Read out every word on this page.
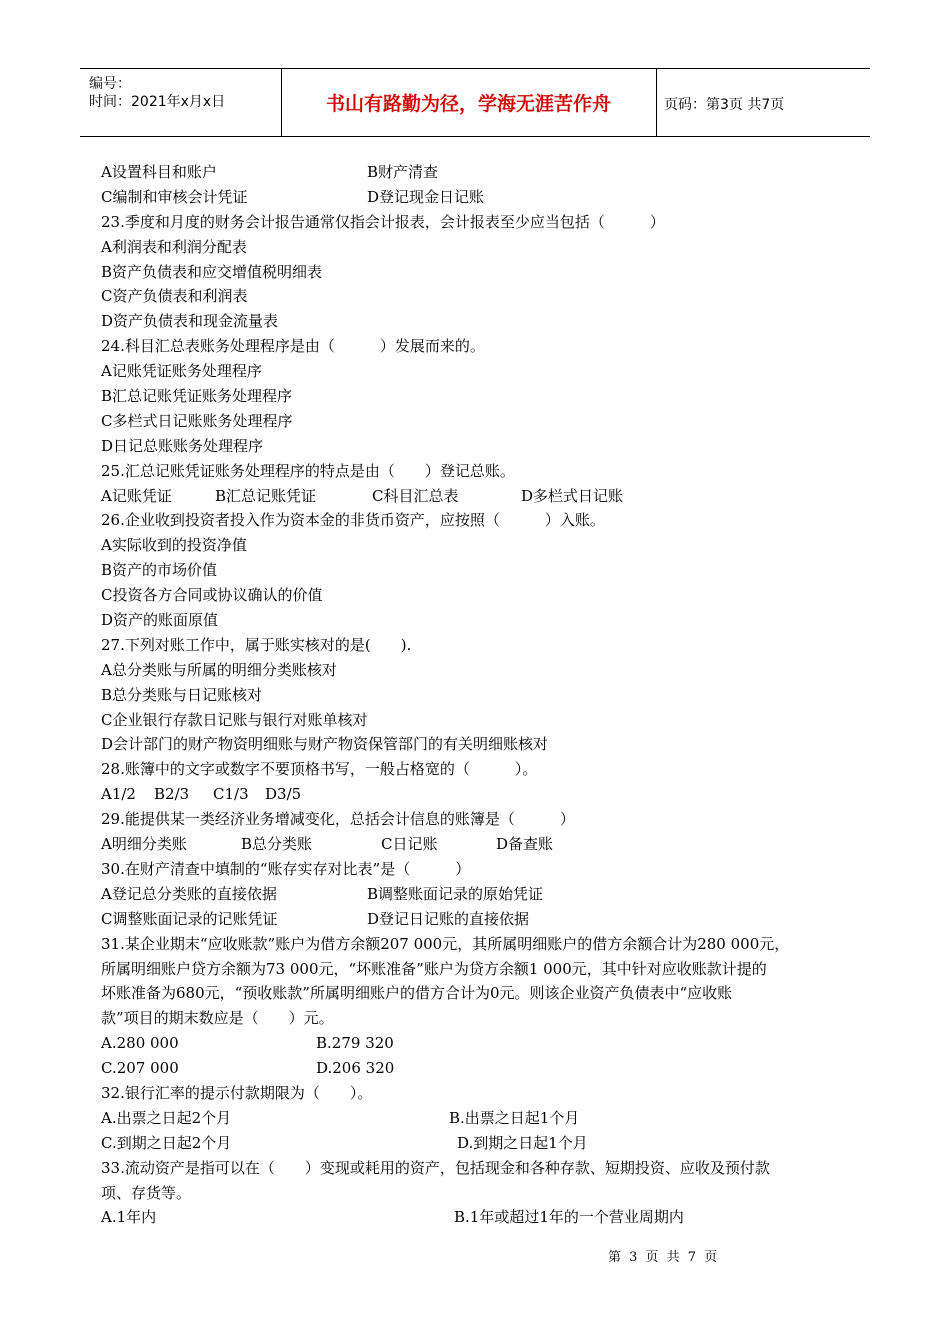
编号：
时间：2021年x月x日	书山有路勤为径，学海无涯苦作舟	页码：第3页 共7页
A设置科目和账户	B财产清查
C编制和审核会计凭证	D登记现金日记账
23.季度和月度的财务会计报告通常仅指会计报表，会计报表至少应当包括（　　　）
A利润表和利润分配表
B资产负债表和应交增值税明细表
C资产负债表和利润表
D资产负债表和现金流量表
24.科目汇总表账务处理程序是由（　　　）发展而来的。
A记账凭证账务处理程序
B汇总记账凭证账务处理程序
C多栏式日记账账务处理程序
D日记总账账务处理程序
25.汇总记账凭证账务处理程序的特点是由（　　）登记总账。
A记账凭证	B汇总记账凭证	C科目汇总表	D多栏式日记账
26.企业收到投资者投入作为资本金的非货币资产，应按照（　　　）入账。
A实际收到的投资净值
B资产的市场价值
C投资各方合同或协议确认的价值
D资产的账面原值
27.下列对账工作中，属于账实核对的是(　　).
A总分类账与所属的明细分类账核对
B总分类账与日记账核对
C企业银行存款日记账与银行对账单核对
D会计部门的财产物资明细账与财产物资保管部门的有关明细账核对
28.账簿中的文字或数字不要顶格书写，一般占格宽的（　　　）。
A1/2 B2/3 C1/3 D3/5
29.能提供某一类经济业务增减变化，总括会计信息的账簿是（　　　）
A明细分类账	B总分类账	C日记账	D备查账
30.在财产清查中填制的“账存实存对比表”是（　　　）
A登记总分类账的直接依据	B调整账面记录的原始凭证
C调整账面记录的记账凭证	D登记日记账的直接依据
31.某企业期末“应收账款”账户为借方余额207 000元，其所属明细账户的借方余额合计为280 000元，
所属明细账户贷方余额为73 000元，“坏账准备”账户为贷方余额1 000元，其中针对应收账款计提的
坏账准备为680元，“预收账款”所属明细账户的借方合计为0元。则该企业资产负债表中“应收账
款”项目的期末数应是（　　）元。
A.280 000	B.279 320
C.207 000	D.206 320
32.银行汇率的提示付款期限为（　　）。
A.出票之日起2个月	B.出票之日起1个月
C.到期之日起2个月	D.到期之日起1个月
33.流动资产是指可以在（　　）变现或耗用的资产，包括现金和各种存款、短期投资、应收及预付款
项、存货等。
A.1年内	B.1年或超过1年的一个营业周期内
第 3 页 共 7 页
